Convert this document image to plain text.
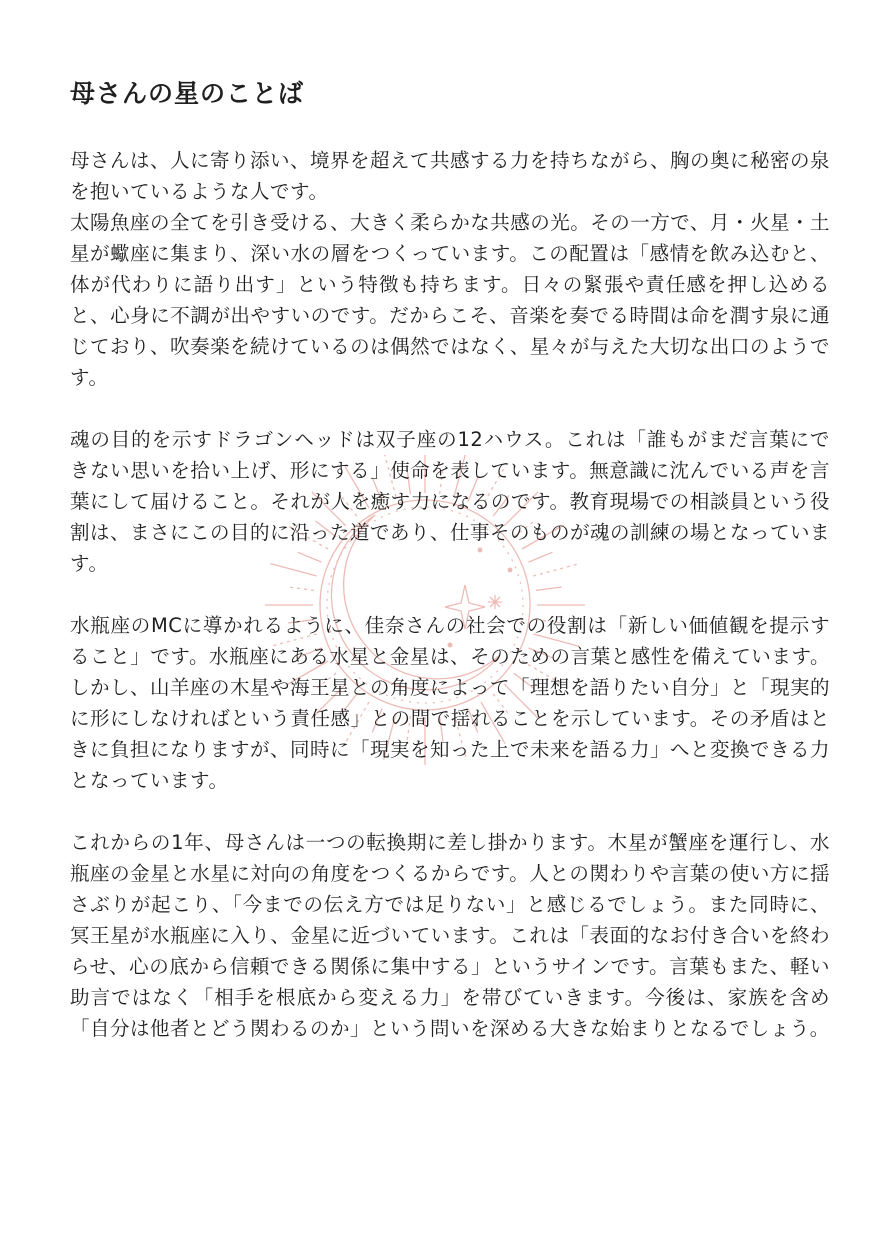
母さんの星のことば
母さんは、人に寄り添い、境界を超えて共感する力を持ちながら、胸の奥に秘密の泉を抱いているような人です。
太陽魚座の全てを引き受ける、大きく柔らかな共感の光。その一方で、月・火星・土星が蠍座に集まり、深い水の層をつくっています。この配置は「感情を飲み込むと、体が代わりに語り出す」という特徴も持ちます。日々の緊張や責任感を押し込めると、心身に不調が出やすいのです。だからこそ、音楽を奏でる時間は命を潤す泉に通じており、吹奏楽を続けているのは偶然ではなく、星々が与えた大切な出口のようです。
魂の目的を示すドラゴンヘッドは双子座の12ハウス。これは「誰もがまだ言葉にできない思いを拾い上げ、形にする」使命を表しています。無意識に沈んでいる声を言葉にして届けること。それが人を癒す力になるのです。教育現場での相談員という役割は、まさにこの目的に沿った道であり、仕事そのものが魂の訓練の場となっています。
水瓶座のMCに導かれるように、佳奈さんの社会での役割は「新しい価値観を提示すること」です。水瓶座にある水星と金星は、そのための言葉と感性を備えています。しかし、山羊座の木星や海王星との角度によって「理想を語りたい自分」と「現実的に形にしなければという責任感」との間で揺れることを示しています。その矛盾はときに負担になりますが、同時に「現実を知った上で未来を語る力」へと変換できる力となっています。
これからの1年、母さんは一つの転換期に差し掛かります。木星が蟹座を運行し、水瓶座の金星と水星に対向の角度をつくるからです。人との関わりや言葉の使い方に揺さぶりが起こり、「今までの伝え方では足りない」と感じるでしょう。また同時に、冥王星が水瓶座に入り、金星に近づいています。これは「表面的なお付き合いを終わらせ、心の底から信頼できる関係に集中する」というサインです。言葉もまた、軽い助言ではなく「相手を根底から変える力」を帯びていきます。今後は、家族を含め「自分は他者とどう関わるのか」という問いを深める大きな始まりとなるでしょう。
